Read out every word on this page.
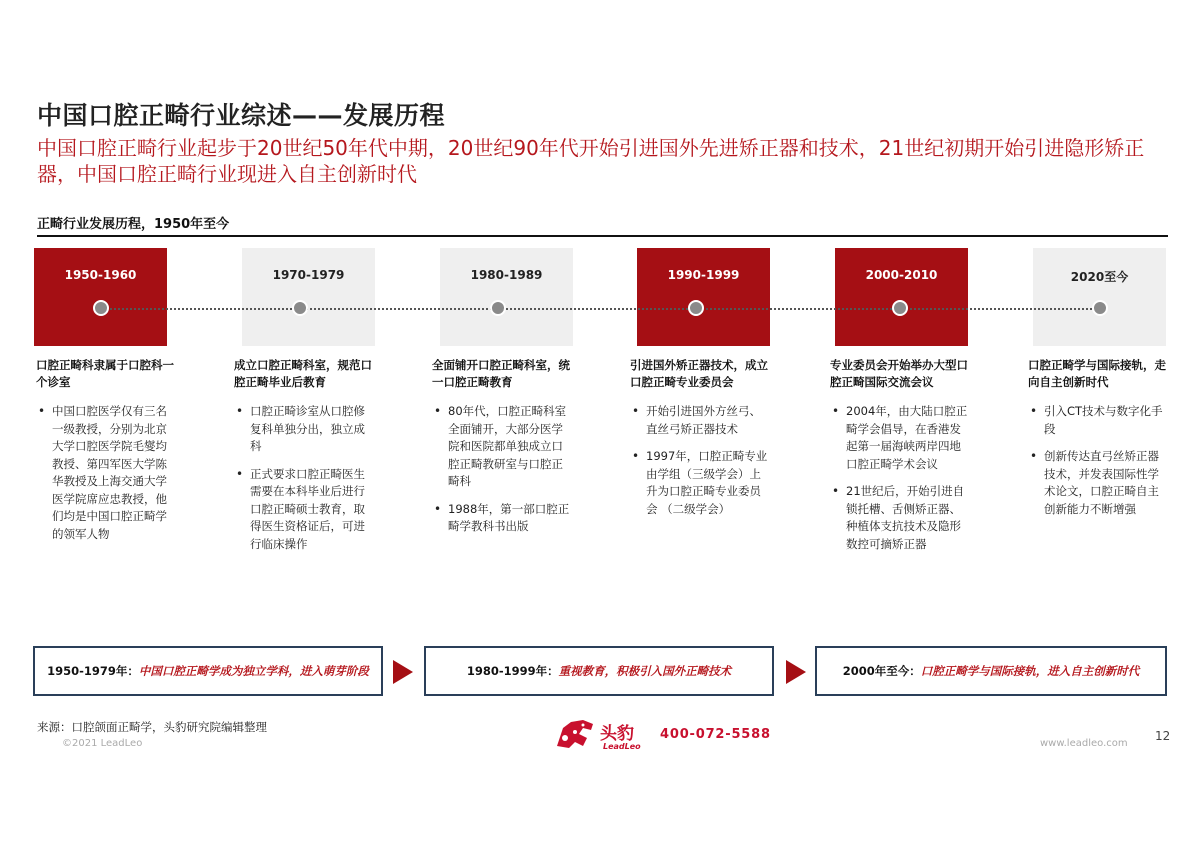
中国口腔正畸行业综述——发展历程
中国口腔正畸行业起步于20世纪50年代中期，20世纪90年代开始引进国外先进矫正器和技术，21世纪初期开始引进隐形矫正器，中国口腔正畸行业现进入自主创新时代
正畸行业发展历程，1950年至今
1950-1960	1970-1979	1980-1989	1990-1999	2000-2010	2020至今
口腔正畸科隶属于口腔科一个诊室
• 中国口腔医学仅有三名一级教授，分别为北京大学口腔医学院毛燮均教授、第四军医大学陈华教授及上海交通大学医学院席应忠教授，他们均是中国口腔正畸学的领军人物
成立口腔正畸科室，规范口腔正畸毕业后教育
• 口腔正畸诊室从口腔修复科单独分出，独立成科
• 正式要求口腔正畸医生需要在本科毕业后进行口腔正畸硕士教育，取得医生资格证后，可进行临床操作
全面铺开口腔正畸科室，统一口腔正畸教育
• 80年代，口腔正畸科室全面铺开，大部分医学院和医院都单独成立口腔正畸教研室与口腔正畸科
• 1988年，第一部口腔正畸学教科书出版
引进国外矫正器技术，成立口腔正畸专业委员会
• 开始引进国外方丝弓、直丝弓矫正器技术
• 1997年，口腔正畸专业由学组（三级学会）上升为口腔正畸专业委员会 （二级学会）
专业委员会开始举办大型口腔正畸国际交流会议
• 2004年，由大陆口腔正畸学会倡导，在香港发起第一届海峡两岸四地口腔正畸学术会议
• 21世纪后，开始引进自锁托槽、舌侧矫正器、种植体支抗技术及隐形数控可摘矫正器
口腔正畸学与国际接轨，走向自主创新时代
• 引入CT技术与数字化手段
• 创新传达直弓丝矫正器技术，并发表国际性学术论文，口腔正畸自主创新能力不断增强
1950-1979年：中国口腔正畸学成为独立学科，进入萌芽阶段	1980-1999年：重视教育，积极引入国外正畸技术	2000年至今：口腔正畸学与国际接轨，进入自主创新时代
来源：口腔颌面正畸学，头豹研究院编辑整理
©2021 LeadLeo	头豹
LeadLeo
400-072-5588
www.leadleo.com
12
